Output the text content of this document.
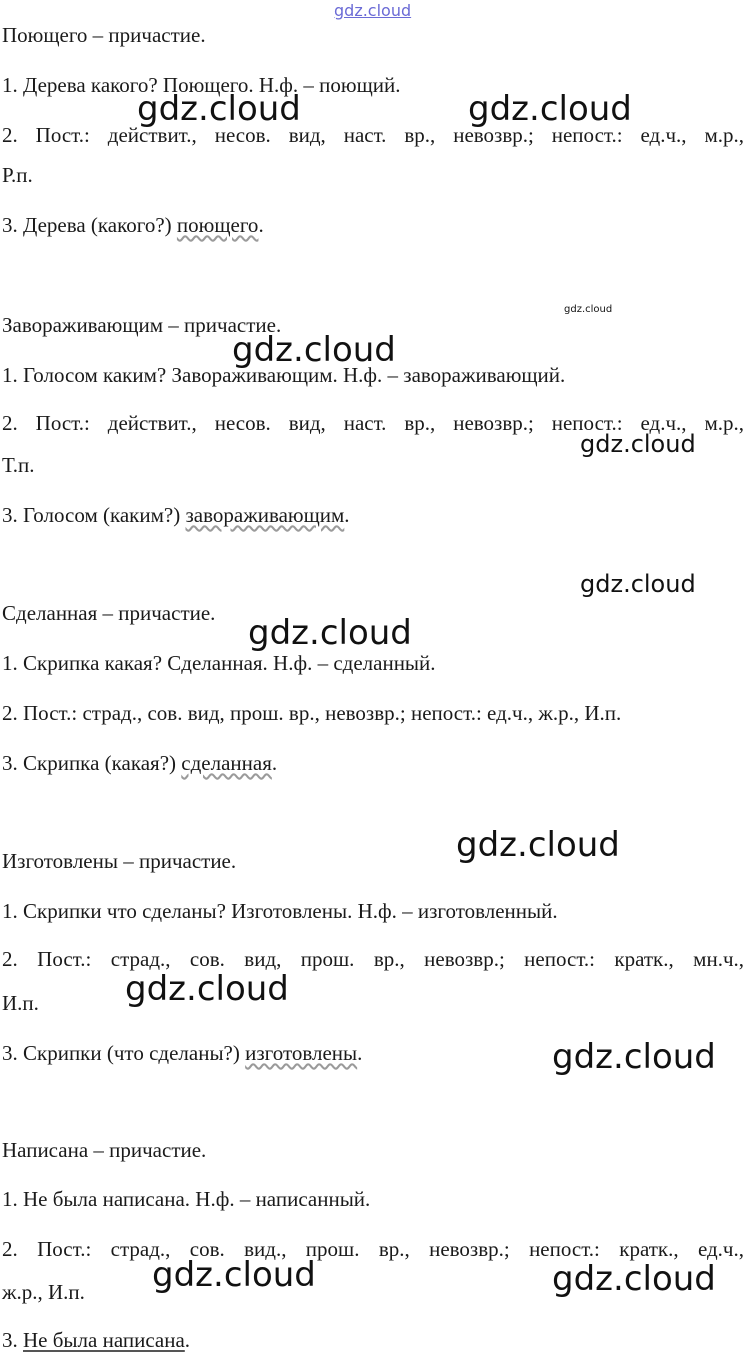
gdz.cloud
Поющего – причастие.
1. Дерева какого? Поющего. Н.ф. – поющий.
2. Пост.: действит., несов. вид, наст. вр., невозвр.; непост.: ед.ч., м.р.,
Р.п.
3. Дерева (какого?) поющего.
Завораживающим – причастие.
1. Голосом каким? Завораживающим. Н.ф. – завораживающий.
2. Пост.: действит., несов. вид, наст. вр., невозвр.; непост.: ед.ч., м.р.,
Т.п.
3. Голосом (каким?) завораживающим.
Сделанная – причастие.
1. Скрипка какая? Сделанная. Н.ф. – сделанный.
2. Пост.: страд., сов. вид, прош. вр., невозвр.; непост.: ед.ч., ж.р., И.п.
3. Скрипка (какая?) сделанная.
Изготовлены – причастие.
1. Скрипки что сделаны? Изготовлены. Н.ф. – изготовленный.
2. Пост.: страд., сов. вид, прош. вр., невозвр.; непост.: кратк., мн.ч.,
И.п.
3. Скрипки (что сделаны?) изготовлены.
Написана – причастие.
1. Не была написана. Н.ф. – написанный.
2. Пост.: страд., сов. вид., прош. вр., невозвр.; непост.: кратк., ед.ч.,
ж.р., И.п.
3. Не была написана.
gdz.cloud	gdz.cloud
gdz.cloud
gdz.cloud
gdz.cloud
gdz.cloud
gdz.cloud
gdz.cloud
gdz.cloud
gdz.cloud
gdz.cloud	gdz.cloud
